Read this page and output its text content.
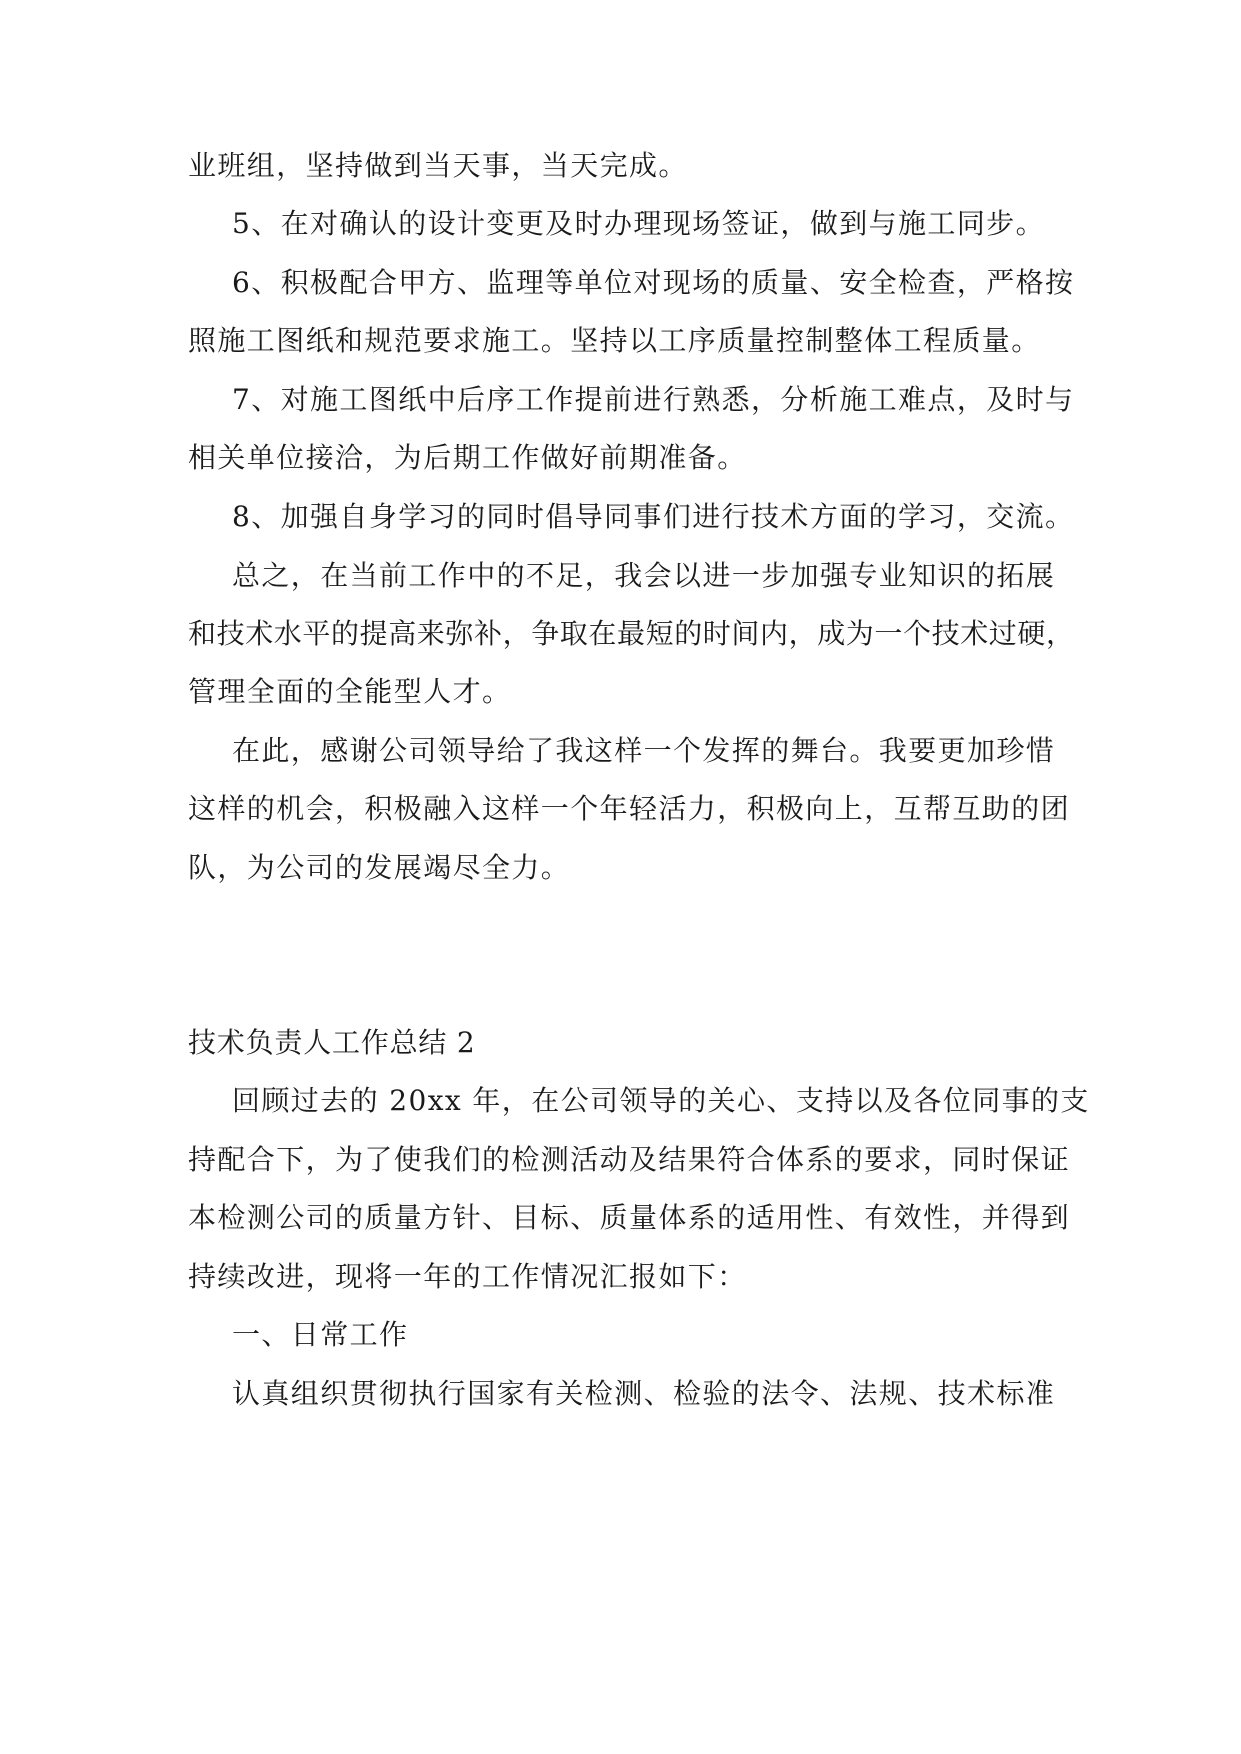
业班组，坚持做到当天事，当天完成。

5、在对确认的设计变更及时办理现场签证，做到与施工同步。

6、积极配合甲方、监理等单位对现场的质量、安全检查，严格按

照施工图纸和规范要求施工。坚持以工序质量控制整体工程质量。

7、对施工图纸中后序工作提前进行熟悉，分析施工难点，及时与

相关单位接洽，为后期工作做好前期准备。

8、加强自身学习的同时倡导同事们进行技术方面的学习，交流。

总之，在当前工作中的不足，我会以进一步加强专业知识的拓展

和技术水平的提高来弥补，争取在最短的时间内，成为一个技术过硬，

管理全面的全能型人才。

在此，感谢公司领导给了我这样一个发挥的舞台。我要更加珍惜

这样的机会，积极融入这样一个年轻活力，积极向上，互帮互助的团

队，为公司的发展竭尽全力。

技术负责人工作总结 2

回顾过去的 20xx 年，在公司领导的关心、支持以及各位同事的支

持配合下，为了使我们的检测活动及结果符合体系的要求，同时保证

本检测公司的质量方针、目标、质量体系的适用性、有效性，并得到

持续改进，现将一年的工作情况汇报如下：

一、日常工作

认真组织贯彻执行国家有关检测、检验的法令、法规、技术标准
